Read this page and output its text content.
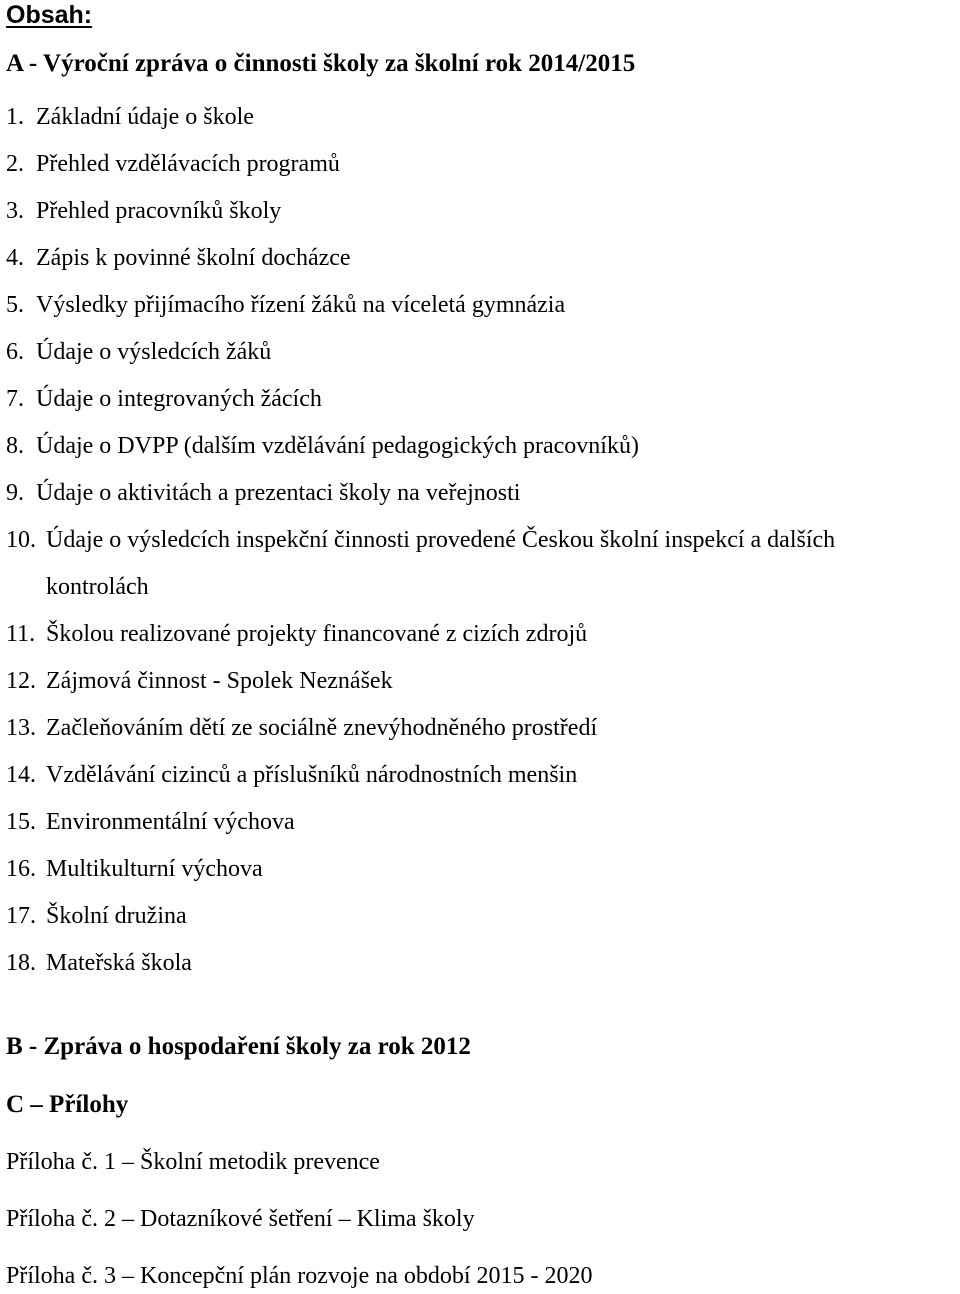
Obsah:
A - Výroční zpráva o činnosti školy za školní rok 2014/2015
1. Základní údaje o škole
2. Přehled vzdělávacích programů
3. Přehled pracovníků školy
4. Zápis k povinné školní docházce
5. Výsledky přijímacího řízení žáků na víceletá gymnázia
6. Údaje o výsledcích žáků
7. Údaje o integrovaných žácích
8. Údaje o DVPP (dalším vzdělávání pedagogických pracovníků)
9. Údaje o aktivitách a prezentaci školy na veřejnosti
10. Údaje o výsledcích inspekční činnosti provedené Českou školní inspekcí a dalších
kontrolách
11. Školou realizované projekty financované z cizích zdrojů
12. Zájmová činnost - Spolek Neznášek
13. Začleňováním dětí ze sociálně znevýhodněného prostředí
14. Vzdělávání cizinců a příslušníků národnostních menšin
15. Environmentální výchova
16. Multikulturní výchova
17. Školní družina
18. Mateřská škola
B - Zpráva o hospodaření školy za rok 2012
C – Přílohy
Příloha č. 1 – Školní metodik prevence
Příloha č. 2 – Dotazníkové šetření – Klima školy
Příloha č. 3 – Koncepční plán rozvoje na období 2015 - 2020
